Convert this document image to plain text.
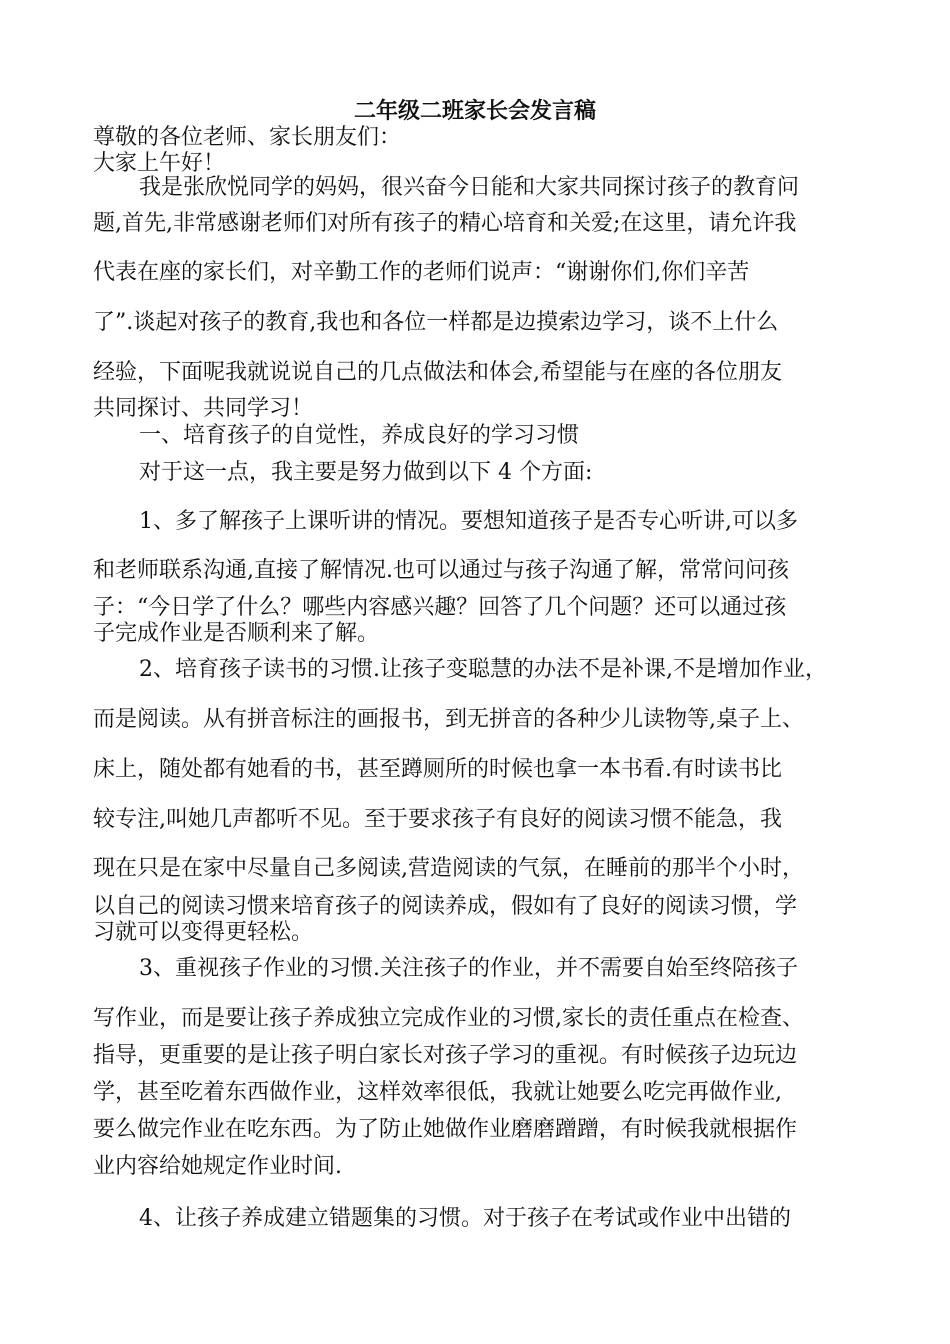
二年级二班家长会发言稿
尊敬的各位老师、家长朋友们：
大家上午好！
我是张欣悦同学的妈妈，很兴奋今日能和大家共同探讨孩子的教育问
题,首先,非常感谢老师们对所有孩子的精心培育和关爱;在这里，请允许我
代表在座的家长们，对辛勤工作的老师们说声：“谢谢你们,你们辛苦
了”.谈起对孩子的教育,我也和各位一样都是边摸索边学习，谈不上什么
经验，下面呢我就说说自己的几点做法和体会,希望能与在座的各位朋友
共同探讨、共同学习！
一、培育孩子的自觉性，养成良好的学习习惯
对于这一点，我主要是努力做到以下 4 个方面:
1、多了解孩子上课听讲的情况。要想知道孩子是否专心听讲,可以多
和老师联系沟通,直接了解情况.也可以通过与孩子沟通了解，常常问问孩
子：“今日学了什么？哪些内容感兴趣？回答了几个问题？还可以通过孩
子完成作业是否顺利来了解。
2、培育孩子读书的习惯.让孩子变聪慧的办法不是补课,不是增加作业，
而是阅读。从有拼音标注的画报书，到无拼音的各种少儿读物等,桌子上、
床上，随处都有她看的书，甚至蹲厕所的时候也拿一本书看.有时读书比
较专注,叫她几声都听不见。至于要求孩子有良好的阅读习惯不能急，我
现在只是在家中尽量自己多阅读,营造阅读的气氛，在睡前的那半个小时，
以自己的阅读习惯来培育孩子的阅读养成，假如有了良好的阅读习惯，学
习就可以变得更轻松。
3、重视孩子作业的习惯.关注孩子的作业，并不需要自始至终陪孩子
写作业，而是要让孩子养成独立完成作业的习惯,家长的责任重点在检查、
指导，更重要的是让孩子明白家长对孩子学习的重视。有时候孩子边玩边
学，甚至吃着东西做作业，这样效率很低，我就让她要么吃完再做作业,
要么做完作业在吃东西。为了防止她做作业磨磨蹭蹭，有时候我就根据作
业内容给她规定作业时间.
4、让孩子养成建立错题集的习惯。对于孩子在考试或作业中出错的
